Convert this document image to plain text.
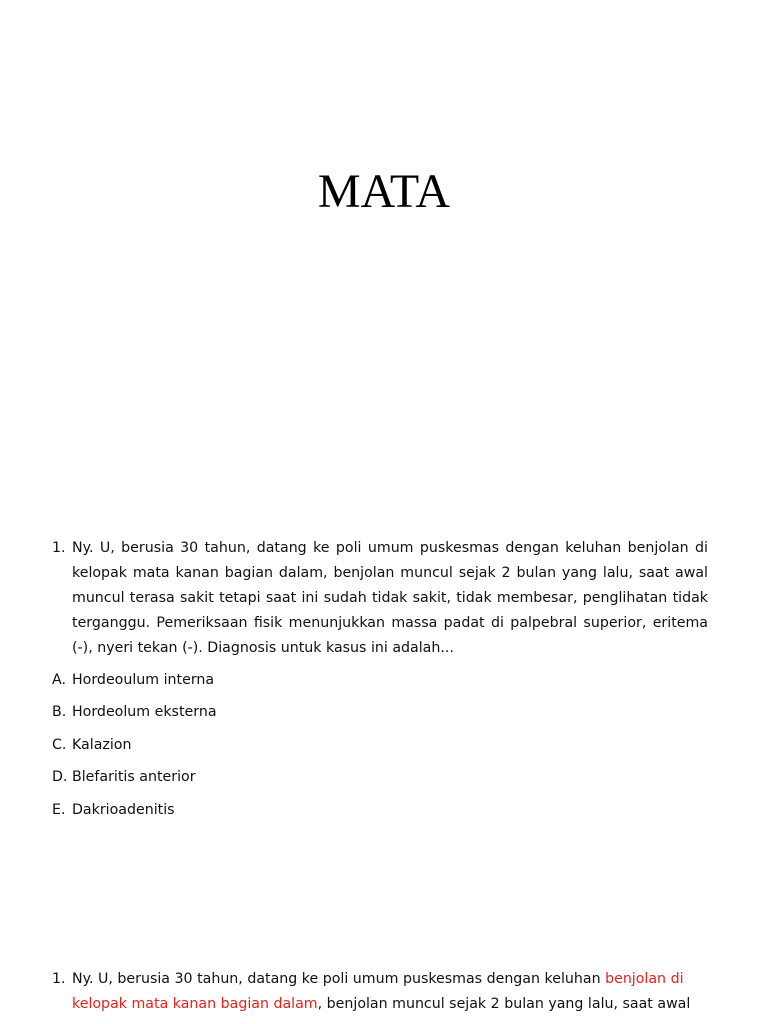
MATA
1. Ny. U, berusia 30 tahun, datang ke poli umum puskesmas dengan keluhan benjolan di kelopak mata kanan bagian dalam, benjolan muncul sejak 2 bulan yang lalu, saat awal muncul terasa sakit tetapi saat ini sudah tidak sakit, tidak membesar, penglihatan tidak terganggu. Pemeriksaan fisik menunjukkan massa padat di palpebral superior, eritema (-), nyeri tekan (-). Diagnosis untuk kasus ini adalah...
A. Hordeoulum interna
B. Hordeolum eksterna
C. Kalazion
D. Blefaritis anterior
E. Dakrioadenitis
1. Ny. U, berusia 30 tahun, datang ke poli umum puskesmas dengan keluhan benjolan di kelopak mata kanan bagian dalam, benjolan muncul sejak 2 bulan yang lalu, saat awal
